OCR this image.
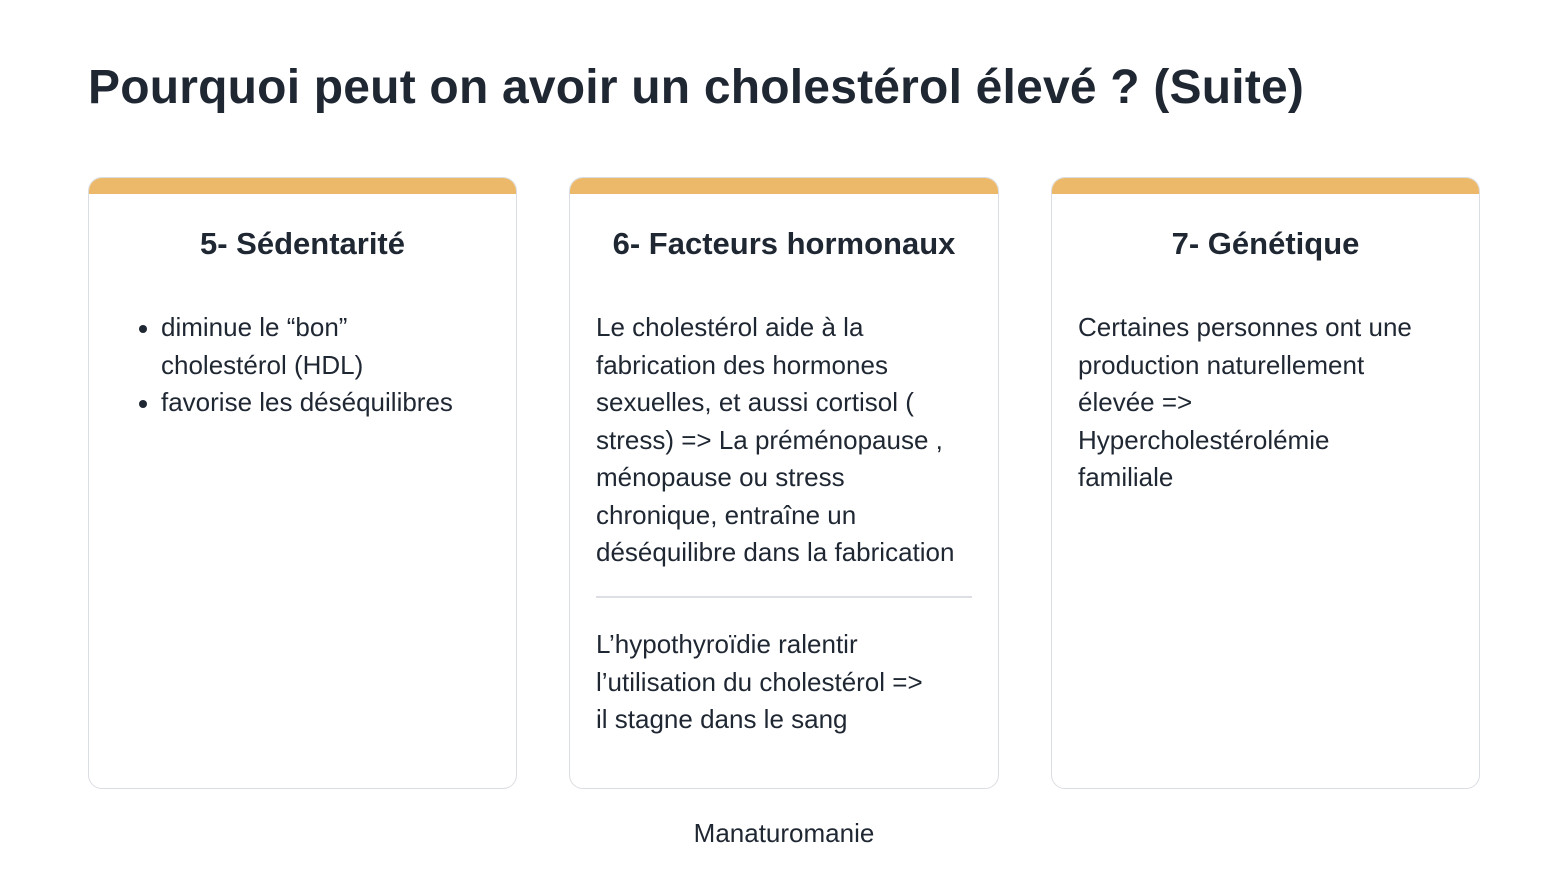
Pourquoi peut on avoir un cholestérol élevé ? (Suite)
5- Sédentarité
diminue le “bon”
cholestérol (HDL)
favorise les déséquilibres
6- Facteurs hormonaux
Le cholestérol aide à la
fabrication des hormones
sexuelles, et aussi cortisol (
stress) => La préménopause ,
ménopause ou stress
chronique, entraîne un
déséquilibre dans la fabrication
L’hypothyroïdie ralentir
l’utilisation du cholestérol =>
il stagne dans le sang
7- Génétique
Certaines personnes ont une
production naturellement
élevée =>
Hypercholestérolémie
familiale
Manaturomanie
